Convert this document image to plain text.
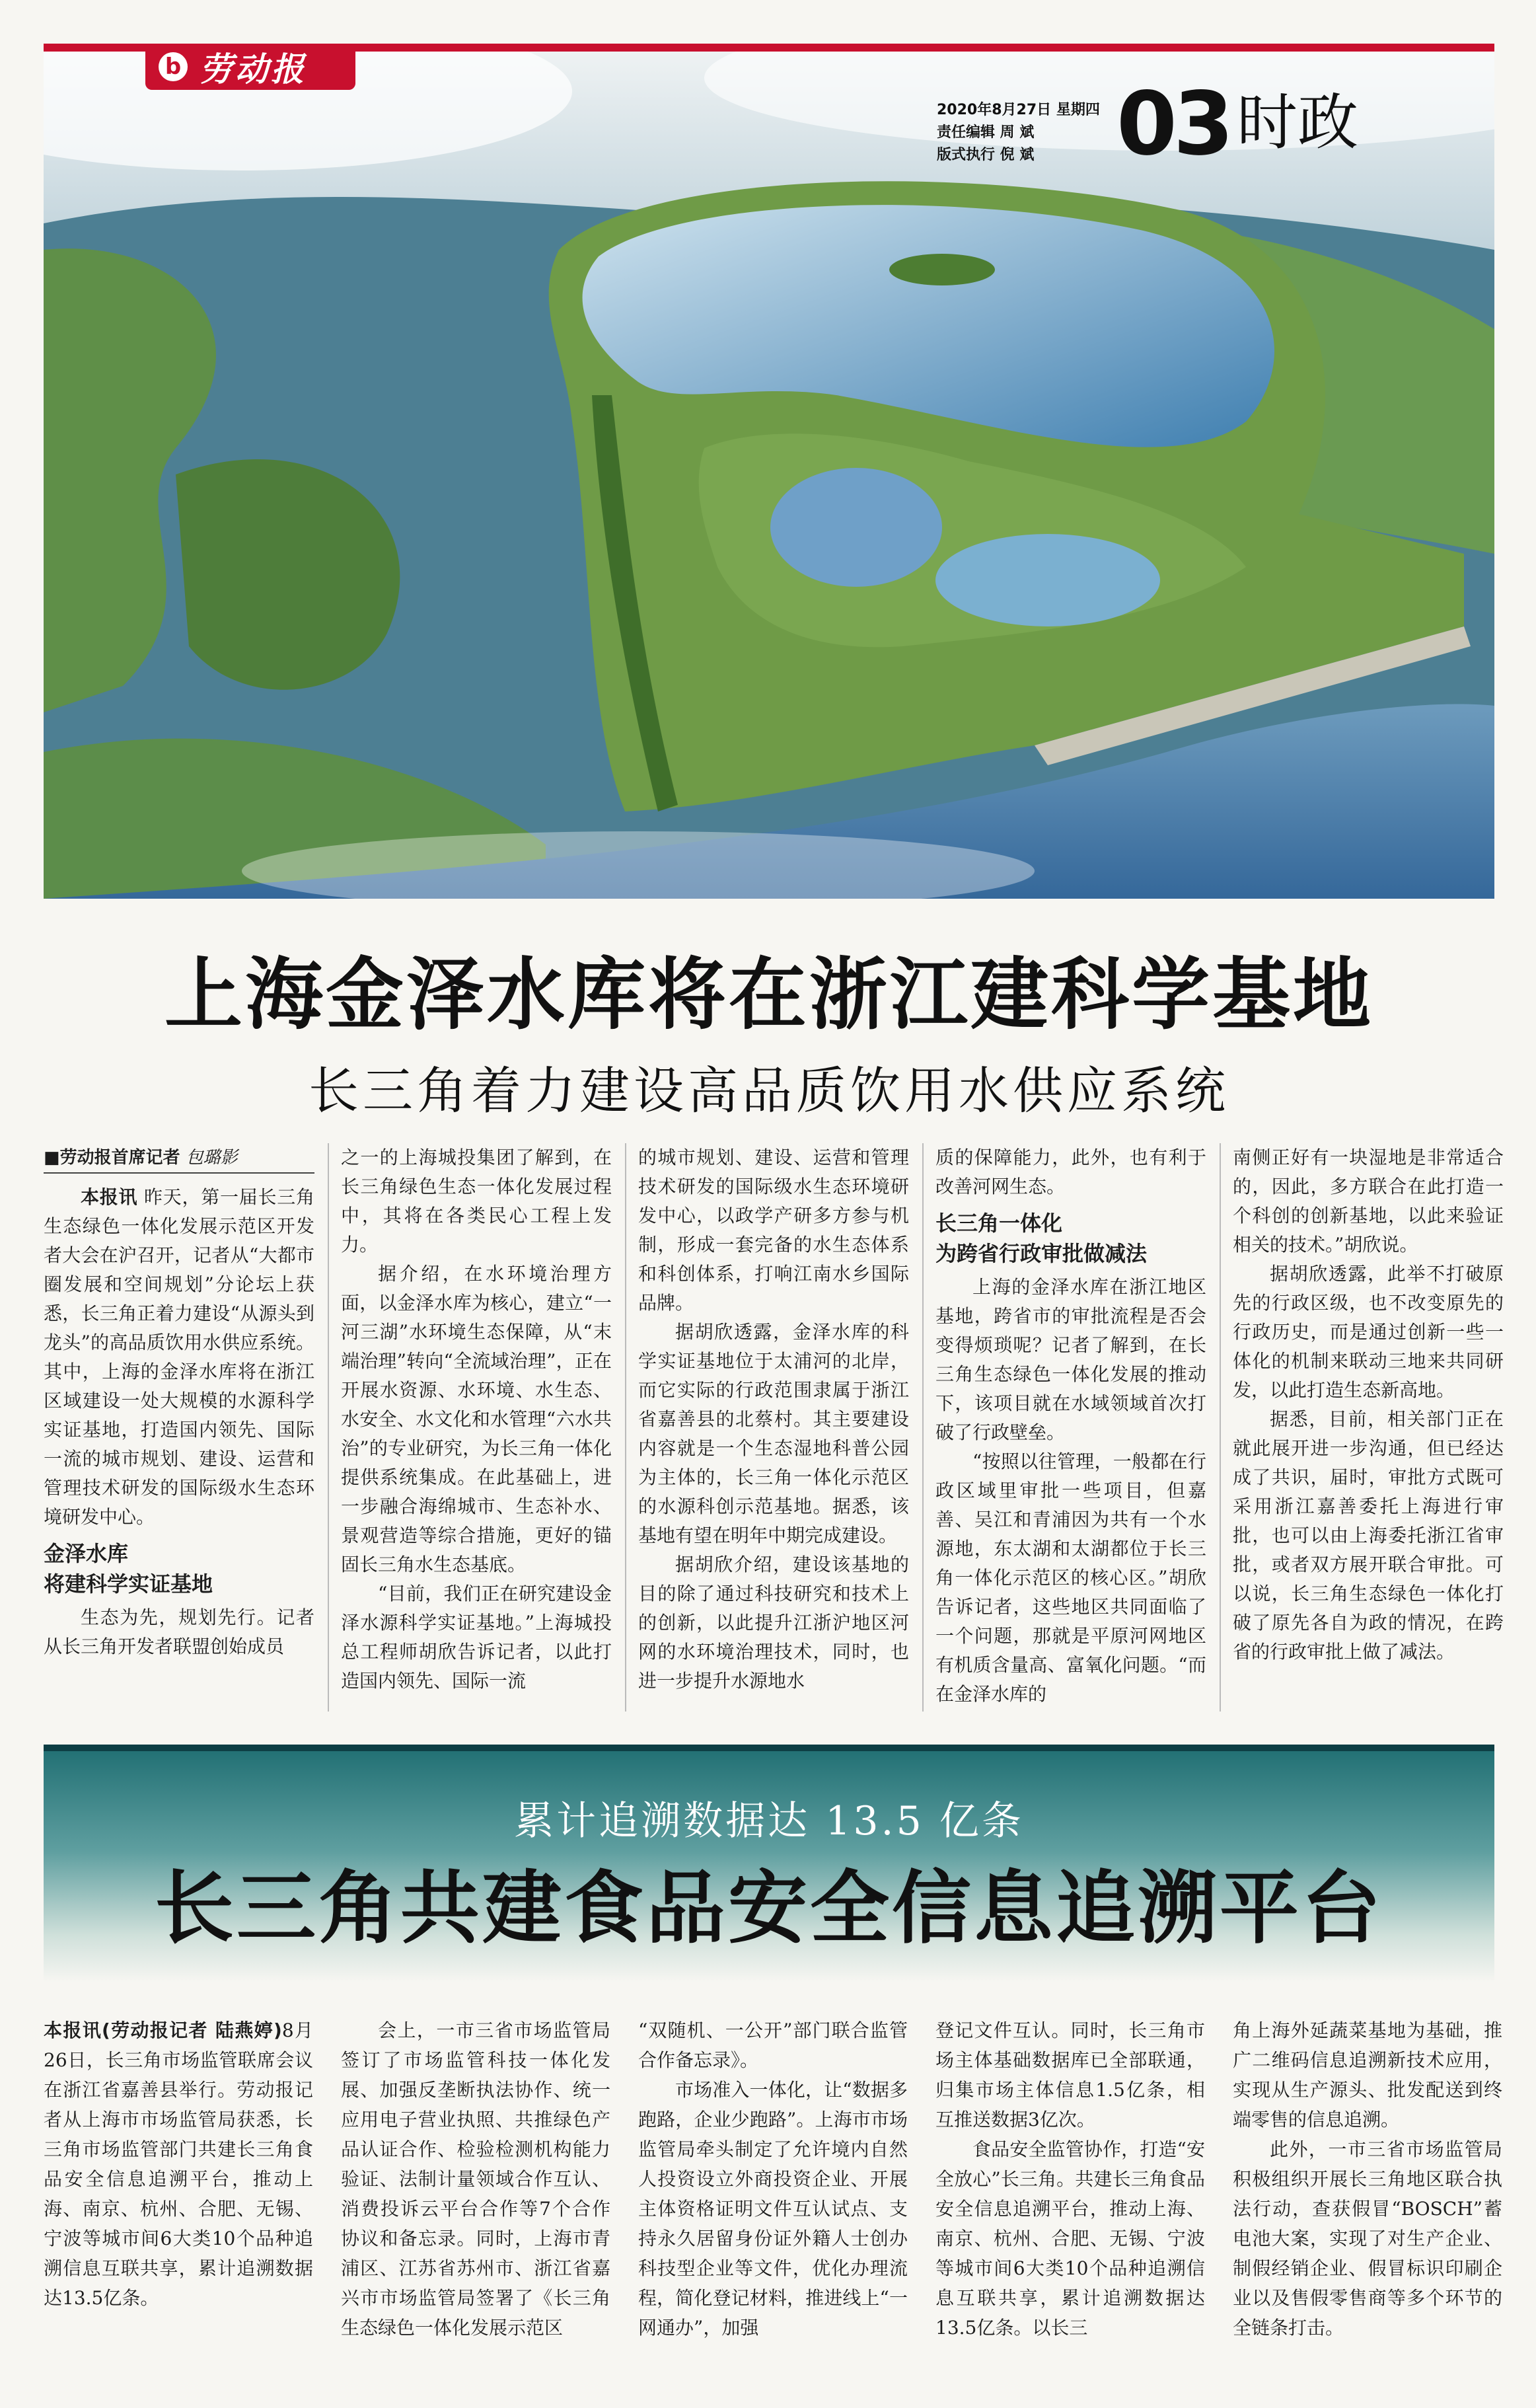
b 劳动报
2020年8月27日 星期四
责任编辑 周 斌
版式执行 倪 斌 03 时政
上海金泽水库将在浙江建科学基地
长三角着力建设高品质饮用水供应系统
■劳动报首席记者 包璐影

本报讯 昨天，第一届长三角生态绿色一体化发展示范区开发者大会在沪召开，记者从“大都市圈发展和空间规划”分论坛上获悉，长三角正着力建设“从源头到龙头”的高品质饮用水供应系统。其中，上海的金泽水库将在浙江区域建设一处大规模的水源科学实证基地，打造国内领先、国际一流的城市规划、建设、运营和管理技术研发的国际级水生态环境研发中心。

金泽水库
将建科学实证基地

生态为先，规划先行。记者从长三角开发者联盟创始成员

之一的上海城投集团了解到，在长三角绿色生态一体化发展过程中，其将在各类民心工程上发力。

据介绍，在水环境治理方面，以金泽水库为核心，建立“一河三湖”水环境生态保障，从“末端治理”转向“全流域治理”，正在开展水资源、水环境、水生态、水安全、水文化和水管理“六水共治”的专业研究，为长三角一体化提供系统集成。在此基础上，进一步融合海绵城市、生态补水、景观营造等综合措施，更好的锚固长三角水生态基底。

“目前，我们正在研究建设金泽水源科学实证基地。”上海城投总工程师胡欣告诉记者，以此打造国内领先、国际一流

的城市规划、建设、运营和管理技术研发的国际级水生态环境研发中心，以政学产研多方参与机制，形成一套完备的水生态体系和科创体系，打响江南水乡国际品牌。

据胡欣透露，金泽水库的科学实证基地位于太浦河的北岸，而它实际的行政范围隶属于浙江省嘉善县的北蔡村。其主要建设内容就是一个生态湿地科普公园为主体的，长三角一体化示范区的水源科创示范基地。据悉，该基地有望在明年中期完成建设。

据胡欣介绍，建设该基地的目的除了通过科技研究和技术上的创新，以此提升江浙沪地区河网的水环境治理技术，同时，也进一步提升水源地水

质的保障能力，此外，也有利于改善河网生态。

长三角一体化
为跨省行政审批做减法

上海的金泽水库在浙江地区基地，跨省市的审批流程是否会变得烦琐呢？记者了解到，在长三角生态绿色一体化发展的推动下，该项目就在水域领域首次打破了行政壁垒。

“按照以往管理，一般都在行政区域里审批一些项目，但嘉善、吴江和青浦因为共有一个水源地，东太湖和太湖都位于长三角一体化示范区的核心区。”胡欣告诉记者，这些地区共同面临了一个问题，那就是平原河网地区有机质含量高、富氧化问题。“而在金泽水库的

南侧正好有一块湿地是非常适合的，因此，多方联合在此打造一个科创的创新基地，以此来验证相关的技术。”胡欣说。

据胡欣透露，此举不打破原先的行政区级，也不改变原先的行政历史，而是通过创新一些一体化的机制来联动三地来共同研发，以此打造生态新高地。

据悉，目前，相关部门正在就此展开进一步沟通，但已经达成了共识，届时，审批方式既可采用浙江嘉善委托上海进行审批，也可以由上海委托浙江省审批，或者双方展开联合审批。可以说，长三角生态绿色一体化打破了原先各自为政的情况，在跨省的行政审批上做了减法。

累计追溯数据达 13.5 亿条
长三角共建食品安全信息追溯平台

本报讯(劳动报记者 陆燕婷)8月26日，长三角市场监管联席会议在浙江省嘉善县举行。劳动报记者从上海市市场监管局获悉，长三角市场监管部门共建长三角食品安全信息追溯平台，推动上海、南京、杭州、合肥、无锡、宁波等城市间6大类10个品种追溯信息互联共享，累计追溯数据达13.5亿条。

会上，一市三省市场监管局签订了市场监管科技一体化发展、加强反垄断执法协作、统一应用电子营业执照、共推绿色产品认证合作、检验检测机构能力验证、法制计量领域合作互认、消费投诉云平台合作等7个合作协议和备忘录。同时，上海市青浦区、江苏省苏州市、浙江省嘉兴市市场监管局签署了《长三角生态绿色一体化发展示范区

“双随机、一公开”部门联合监管合作备忘录》。

市场准入一体化，让“数据多跑路，企业少跑路”。上海市市场监管局牵头制定了允许境内自然人投资设立外商投资企业、开展主体资格证明文件互认试点、支持永久居留身份证外籍人士创办科技型企业等文件，优化办理流程，简化登记材料，推进线上“一网通办”，加强

登记文件互认。同时，长三角市场主体基础数据库已全部联通，归集市场主体信息1.5亿条，相互推送数据3亿次。

食品安全监管协作，打造“安全放心”长三角。共建长三角食品安全信息追溯平台，推动上海、南京、杭州、合肥、无锡、宁波等城市间6大类10个品种追溯信息互联共享，累计追溯数据达13.5亿条。以长三

角上海外延蔬菜基地为基础，推广二维码信息追溯新技术应用，实现从生产源头、批发配送到终端零售的信息追溯。

此外，一市三省市场监管局积极组织开展长三角地区联合执法行动，查获假冒“BOSCH”蓄电池大案，实现了对生产企业、制假经销企业、假冒标识印刷企业以及售假零售商等多个环节的全链条打击。
